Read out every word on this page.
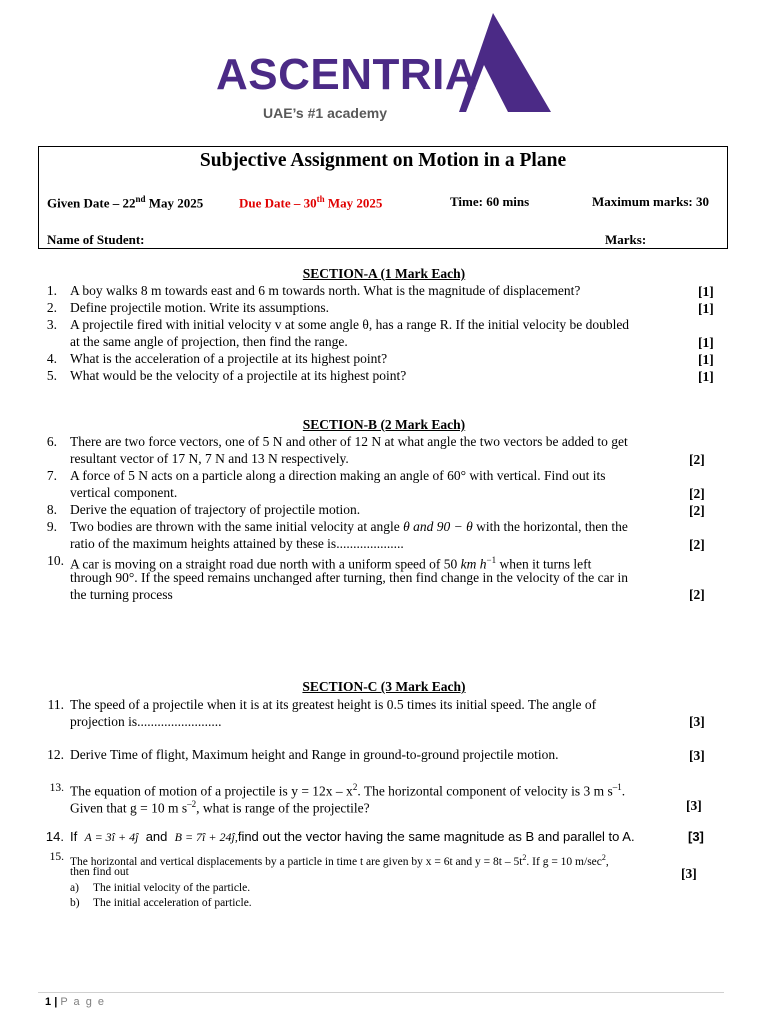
ASCENTRIA
UAE’s #1 academy
Subjective Assignment on Motion in a Plane
Given Date – 22nd May 2025	Due Date – 30th May 2025	Time: 60 mins	Maximum marks: 30
Name of Student:	Marks:
SECTION-A (1 Mark Each)
1. A boy walks 8 m towards east and 6 m towards north. What is the magnitude of displacement?	[1]
2. Define projectile motion. Write its assumptions.	[1]
3. A projectile fired with initial velocity v at some angle θ, has a range R. If the initial velocity be doubled
at the same angle of projection, then find the range.	[1]
4. What is the acceleration of a projectile at its highest point?	[1]
5. What would be the velocity of a projectile at its highest point?	[1]
SECTION-B (2 Mark Each)
6. There are two force vectors, one of 5 N and other of 12 N at what angle the two vectors be added to get
resultant vector of 17 N, 7 N and 13 N respectively.	[2]
7. A force of 5 N acts on a particle along a direction making an angle of 60° with vertical. Find out its
vertical component.	[2]
8. Derive the equation of trajectory of projectile motion.	[2]
9. Two bodies are thrown with the same initial velocity at angle θ and 90 − θ with the horizontal, then the
ratio of the maximum heights attained by these is....................	[2]
10. A car is moving on a straight road due north with a uniform speed of 50 km $h^{-1}$ when it turns left
through 90°. If the speed remains unchanged after turning, then find change in the velocity of the car in
the turning process	[2]
SECTION-C (3 Mark Each)
11. The speed of a projectile when it is at its greatest height is 0.5 times its initial speed. The angle of
projection is.........................	[3]
12. Derive Time of flight, Maximum height and Range in ground-to-ground projectile motion.	[3]
13. The equation of motion of a projectile is $y = 12x - x^2$. The horizontal component of velocity is 3 m $s^{-1}$.
Given that g = 10 m $s^{-2}$, what is range of the projectile?	[3]
14. If A = 3î + 4ĵ and B = 7î + 24ĵ,find out the vector having the same magnitude as B and parallel to A.	[3]
15. The horizontal and vertical displacements by a particle in time t are given by x = 6t and $y = 8t - 5t^2$. If g = 10 $m/\sec^2$,
then find out	[3]
a) The initial velocity of the particle.
b) The initial acceleration of particle.
1 | P a g e
